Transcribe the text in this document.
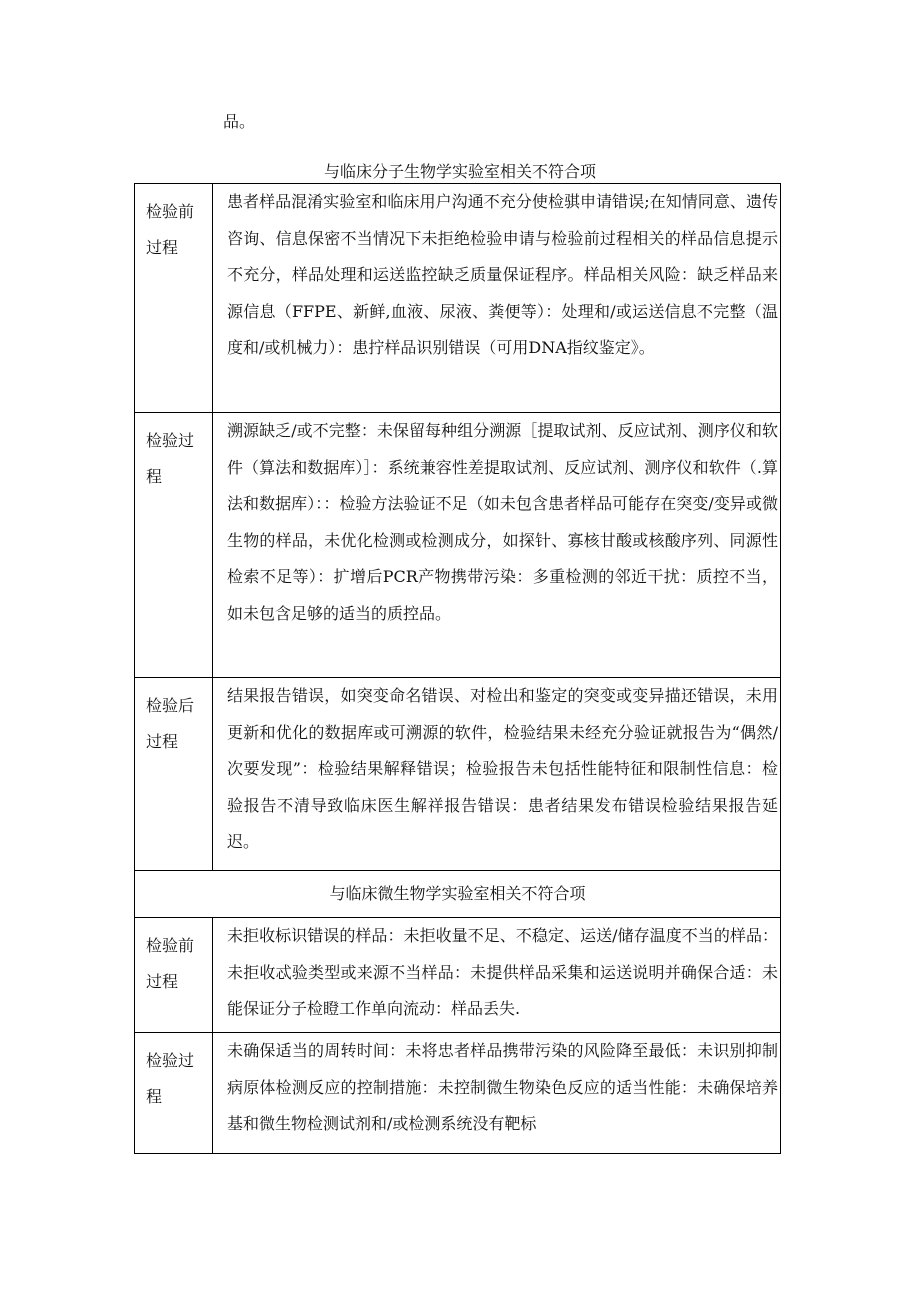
品。
与临床分子生物学实验室相关不符合项
检验前过程	患者样品混淆实验室和临床用户沟通不充分使检骐申请错误;在知情同意、遗传咨询、信息保密不当情况下未拒绝检验申请与检验前过程相关的样品信息提示不充分，样品处理和运送监控缺乏质量保证程序。样品相关风险：缺乏样品来源信息（FFPE、新鲜,血液、尿液、粪便等）：处理和/或运送信息不完整（温度和/或机械力）：患拧样品识别错误（可用DNA指纹鉴定》。

检验过程	溯源缺乏/或不完整：未保留每种组分溯源［提取试剂、反应试剂、测序仪和软件（算法和数据库）］：系统兼容性差提取试剂、反应试剂、测序仪和软件（.算法和数据库）：：检验方法验证不足（如未包含患者样品可能存在突变/变异或微生物的样品，未优化检测或检测成分，如探针、寡核甘酸或核酸序列、同源性检索不足等）：扩增后PCR产物携带污染：多重检测的邻近干扰：质控不当，如未包含足够的适当的质控品。

检验后过程	结果报告错误，如突变命名错误、对检出和鉴定的突变或变异描还错误，未用更新和优化的数据库或可溯源的软件，检验结果未经充分验证就报告为“偶然/次要发现”：检验结果解释错误；检验报告未包括性能特征和限制性信息：检验报告不清导致临床医生解祥报告错误：患者结果发布错误检验结果报告延迟。

与临床微生物学实验室相关不符合项	
检验前过程	未拒收标识错误的样品：未拒收量不足、不稳定、运送/储存温度不当的样品：未拒收忒验类型或来源不当样品：未提供样品采集和运送说明并确保合适：未能保证分子检瞪工作单向流动：样品丢失.

检验过程	未确保适当的周转时间：未将忠者样品携带污染的风险降至最低：未识别抑制病原体检测反应的控制措施：未控制微生物染色反应的适当性能：未确保培养基和微生物检测试剂和/或检测系统没有靶标
